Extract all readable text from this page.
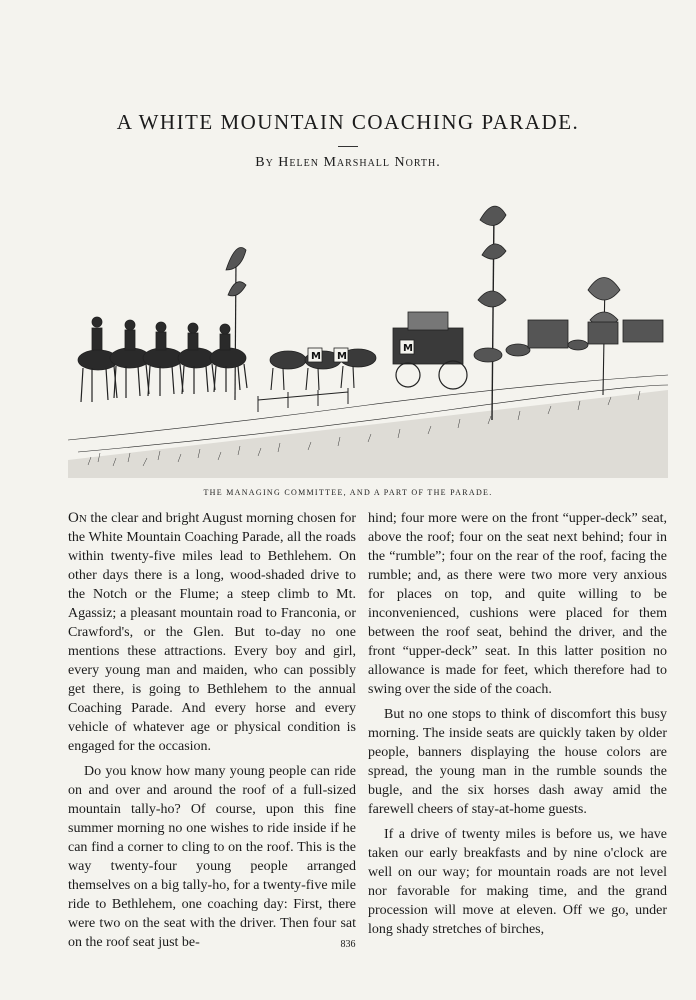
A WHITE MOUNTAIN COACHING PARADE.
By Helen Marshall North.
M M
M
THE MANAGING COMMITTEE, AND A PART OF THE PARADE.

On the clear and bright August morning chosen for the White Mountain Coaching Parade, all the roads within twenty-five miles lead to Bethlehem. On other days there is a long, wood-shaded drive to the Notch or the Flume; a steep climb to Mt. Agassiz; a pleasant mountain road to Franconia, or Crawford's, or the Glen. But to-day no one mentions these attractions. Every boy and girl, every young man and maiden, who can possibly get there, is going to Bethlehem to the annual Coaching Parade. And every horse and every vehicle of whatever age or physical condition is engaged for the occasion.

Do you know how many young people can ride on and over and around the roof of a full-sized mountain tally-ho? Of course, upon this fine summer morning no one wishes to ride inside if he can find a corner to cling to on the roof. This is the way twenty-four young people arranged themselves on a big tally-ho, for a twenty-five mile ride to Bethlehem, one coaching day: First, there were two on the seat with the driver. Then four sat on the roof seat just be-

hind; four more were on the front “upper-deck” seat, above the roof; four on the seat next behind; four in the “rumble”; four on the rear of the roof, facing the rumble; and, as there were two more very anxious for places on top, and quite willing to be inconvenienced, cushions were placed for them between the roof seat, behind the driver, and the front “upper-deck” seat. In this latter position no allowance is made for feet, which therefore had to swing over the side of the coach.

But no one stops to think of discomfort this busy morning. The inside seats are quickly taken by older people, banners displaying the house colors are spread, the young man in the rumble sounds the bugle, and the six horses dash away amid the farewell cheers of stay-at-home guests.

If a drive of twenty miles is before us, we have taken our early breakfasts and by nine o'clock are well on our way; for mountain roads are not level nor favorable for making time, and the grand procession will move at eleven. Off we go, under long shady stretches of birches,

836
